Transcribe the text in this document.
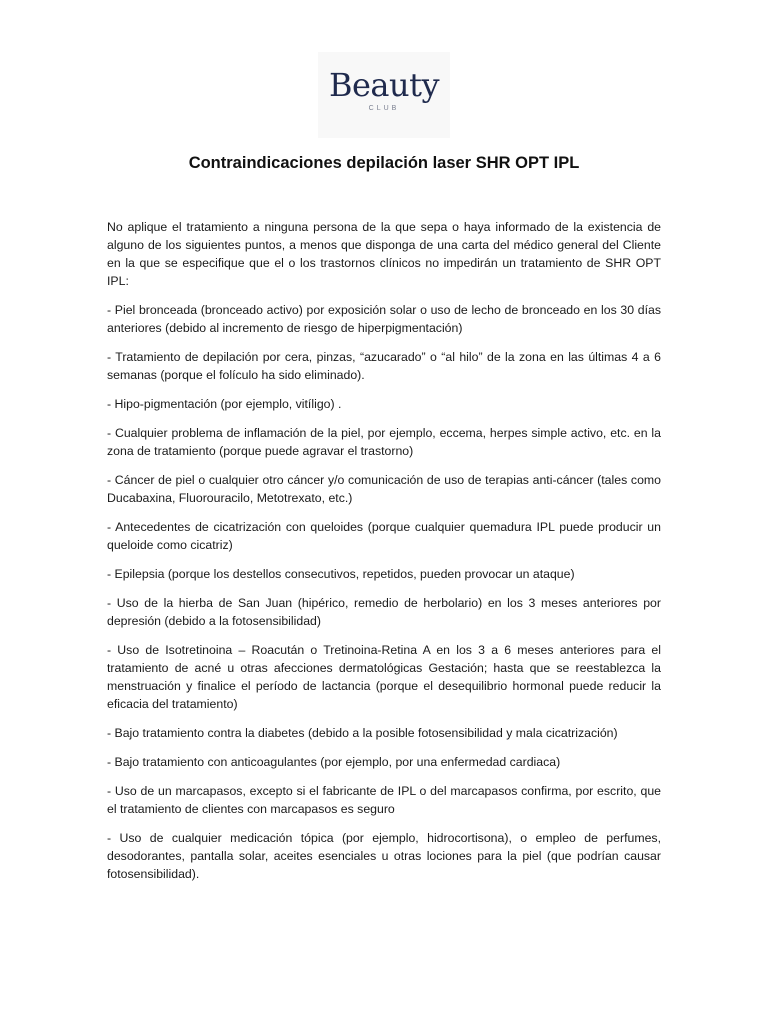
Beauty
CLUB
Contraindicaciones depilación laser SHR OPT IPL

No aplique el tratamiento a ninguna persona de la que sepa o haya informado de la existencia de alguno de los siguientes puntos, a menos que disponga de una carta del médico general del Cliente en la que se especifique que el o los trastornos clínicos no impedirán un tratamiento de SHR OPT IPL:

- Piel bronceada (bronceado activo) por exposición solar o uso de lecho de bronceado en los 30 días anteriores (debido al incremento de riesgo de hiperpigmentación)

- Tratamiento de depilación por cera, pinzas, “azucarado” o “al hilo” de la zona en las últimas 4 a 6 semanas (porque el folículo ha sido eliminado).

- Hipo-pigmentación (por ejemplo, vitíligo) .

- Cualquier problema de inflamación de la piel, por ejemplo, eccema, herpes simple activo, etc. en la zona de tratamiento (porque puede agravar el trastorno)

- Cáncer de piel o cualquier otro cáncer y/o comunicación de uso de terapias anti-cáncer (tales como Ducabaxina, Fluorouracilo, Metotrexato, etc.)

- Antecedentes de cicatrización con queloides (porque cualquier quemadura IPL puede producir un queloide como cicatriz)

- Epilepsia (porque los destellos consecutivos, repetidos, pueden provocar un ataque)

- Uso de la hierba de San Juan (hipérico, remedio de herbolario) en los 3 meses anteriores por depresión (debido a la fotosensibilidad)

- Uso de Isotretinoina – Roacután o Tretinoina-Retina A en los 3 a 6 meses anteriores para el tratamiento de acné u otras afecciones dermatológicas Gestación; hasta que se reestablezca la menstruación y finalice el período de lactancia (porque el desequilibrio hormonal puede reducir la eficacia del tratamiento)

- Bajo tratamiento contra la diabetes (debido a la posible fotosensibilidad y mala cicatrización)

- Bajo tratamiento con anticoagulantes (por ejemplo, por una enfermedad cardiaca)

- Uso de un marcapasos, excepto si el fabricante de IPL o del marcapasos confirma, por escrito, que el tratamiento de clientes con marcapasos es seguro

- Uso de cualquier medicación tópica (por ejemplo, hidrocortisona), o empleo de perfumes, desodorantes, pantalla solar, aceites esenciales u otras lociones para la piel (que podrían causar fotosensibilidad).
